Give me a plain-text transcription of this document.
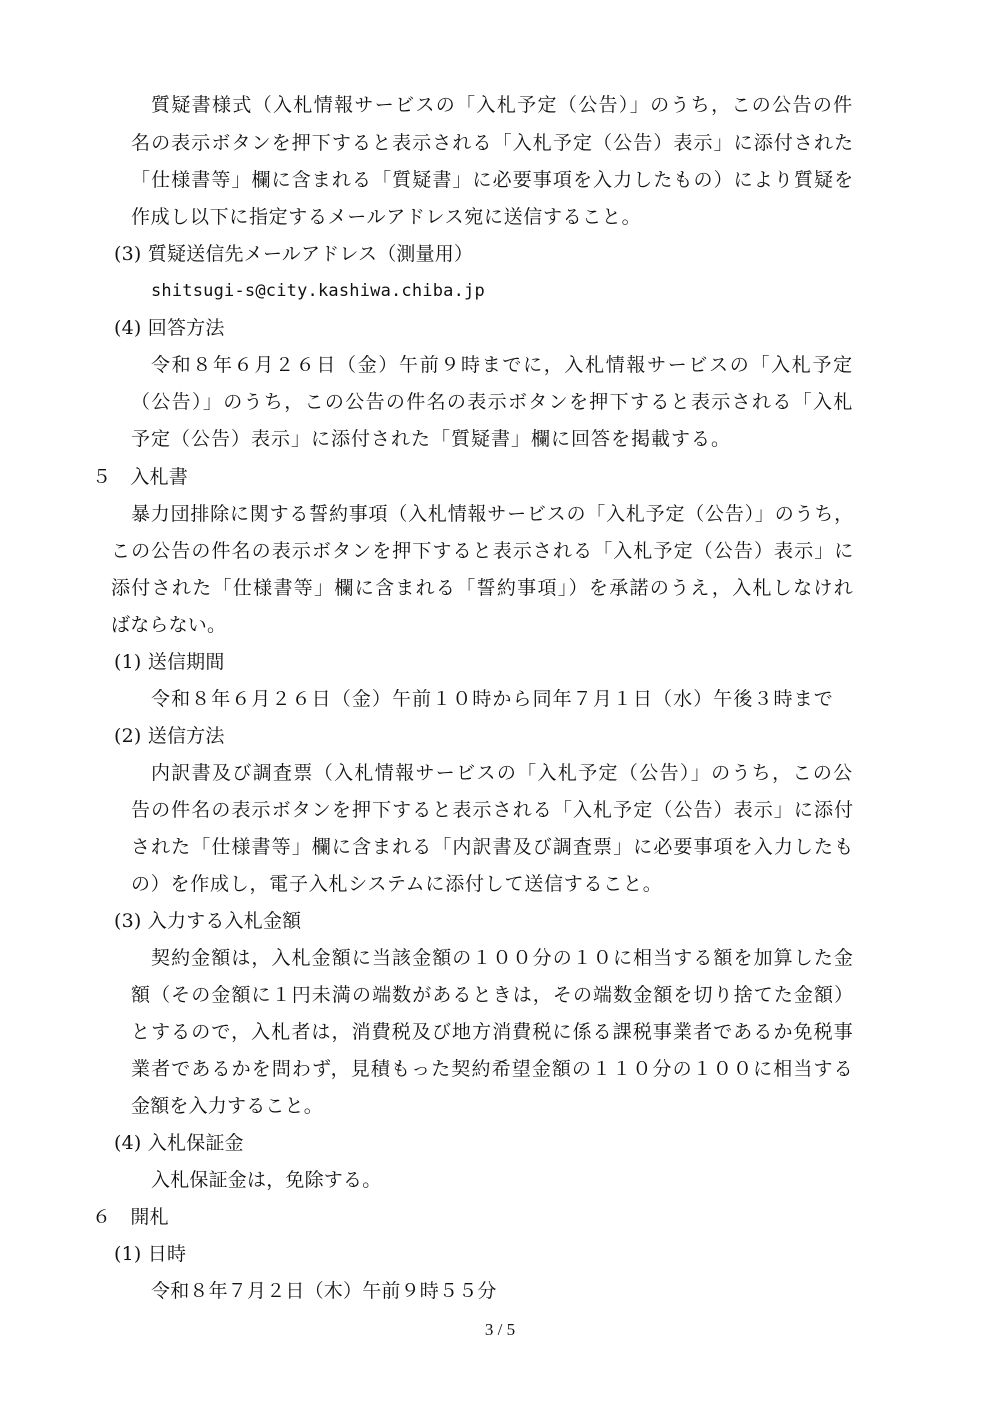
質疑書様式（入札情報サービスの「入札予定（公告）」のうち，この公告の件
名の表示ボタンを押下すると表示される「入札予定（公告）表示」に添付された
「仕様書等」欄に含まれる「質疑書」に必要事項を入力したもの）により質疑を
作成し以下に指定するメールアドレス宛に送信すること。
(3) 質疑送信先メールアドレス（測量用）
shitsugi-s@city.kashiwa.chiba.jp
(4) 回答方法
令和８年６月２６日（金）午前９時までに，入札情報サービスの「入札予定
（公告）」のうち，この公告の件名の表示ボタンを押下すると表示される「入札
予定（公告）表示」に添付された「質疑書」欄に回答を掲載する。
５　入札書
暴力団排除に関する誓約事項（入札情報サービスの「入札予定（公告）」のうち，
この公告の件名の表示ボタンを押下すると表示される「入札予定（公告）表示」に
添付された「仕様書等」欄に含まれる「誓約事項」）を承諾のうえ，入札しなけれ
ばならない。
(1) 送信期間
令和８年６月２６日（金）午前１０時から同年７月１日（水）午後３時まで
(2) 送信方法
内訳書及び調査票（入札情報サービスの「入札予定（公告）」のうち，この公
告の件名の表示ボタンを押下すると表示される「入札予定（公告）表示」に添付
された「仕様書等」欄に含まれる「内訳書及び調査票」に必要事項を入力したも
の）を作成し，電子入札システムに添付して送信すること。
(3) 入力する入札金額
契約金額は，入札金額に当該金額の１００分の１０に相当する額を加算した金
額（その金額に１円未満の端数があるときは，その端数金額を切り捨てた金額）
とするので，入札者は，消費税及び地方消費税に係る課税事業者であるか免税事
業者であるかを問わず，見積もった契約希望金額の１１０分の１００に相当する
金額を入力すること。
(4) 入札保証金
入札保証金は，免除する。
６　開札
(1) 日時
令和８年７月２日（木）午前９時５５分
3 / 5
